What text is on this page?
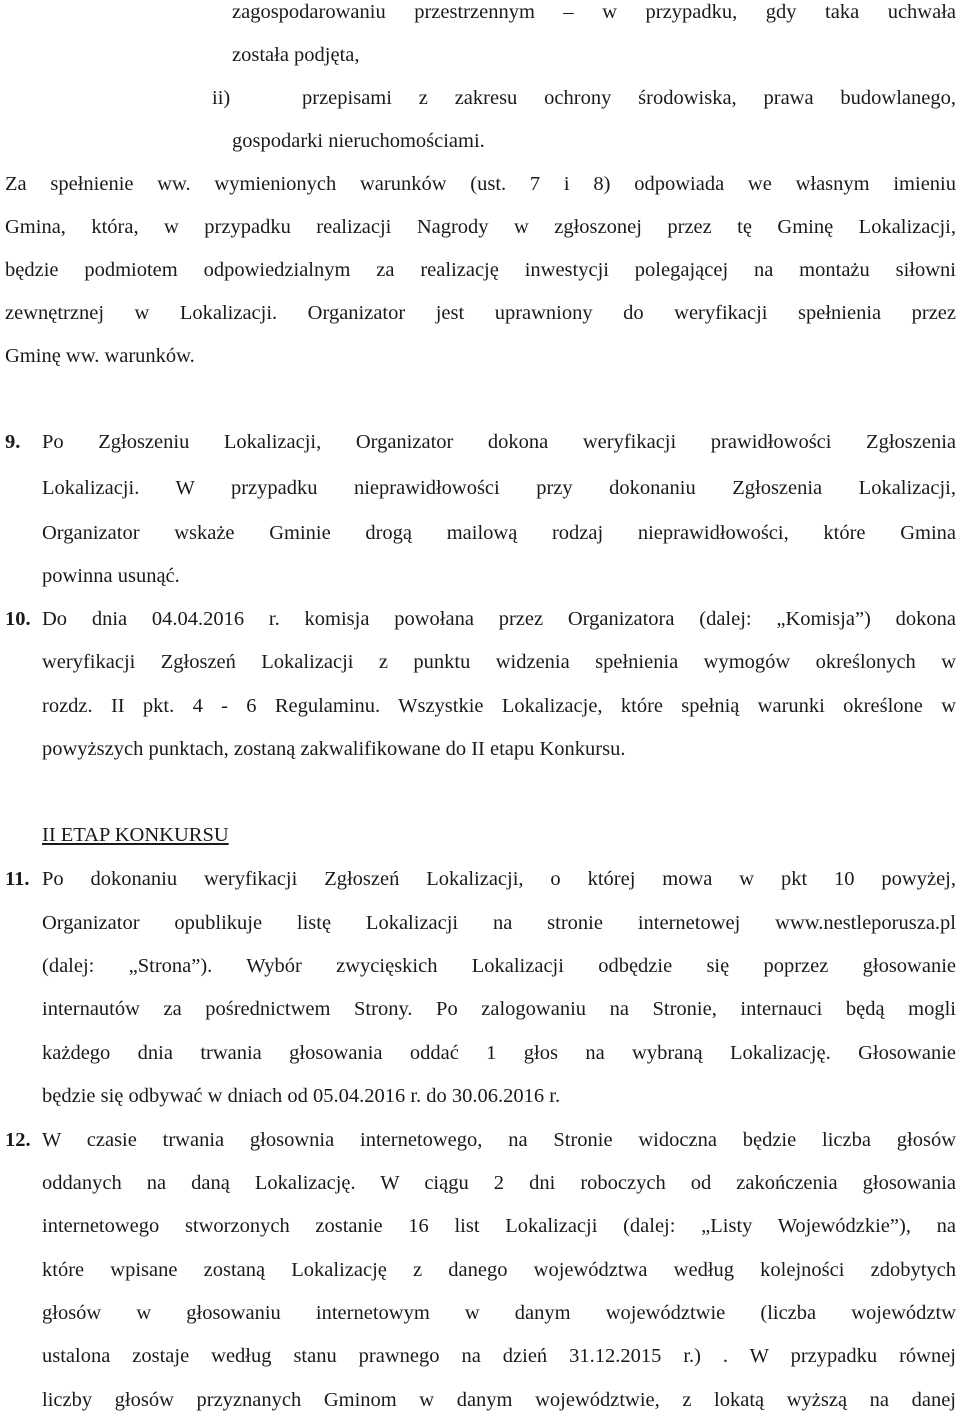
zagospodarowaniu przestrzennym – w przypadku, gdy taka uchwała
została podjęta,
ii)	przepisami z zakresu ochrony środowiska, prawa budowlanego,
gospodarki nieruchomościami.
Za spełnienie ww. wymienionych warunków (ust. 7 i 8) odpowiada we własnym imieniu
Gmina, która, w przypadku realizacji Nagrody w zgłoszonej przez tę Gminę Lokalizacji,
będzie podmiotem odpowiedzialnym za realizację inwestycji polegającej na montażu siłowni
zewnętrznej w Lokalizacji. Organizator jest uprawniony do weryfikacji spełnienia przez
Gminę ww. warunków.
9. Po Zgłoszeniu Lokalizacji, Organizator dokona weryfikacji prawidłowości Zgłoszenia
Lokalizacji. W przypadku nieprawidłowości przy dokonaniu Zgłoszenia Lokalizacji,
Organizator wskaże Gminie drogą mailową rodzaj nieprawidłowości, które Gmina
powinna usunąć.
10. Do dnia 04.04.2016 r. komisja powołana przez Organizatora (dalej: „Komisja”) dokona
weryfikacji Zgłoszeń Lokalizacji z punktu widzenia spełnienia wymogów określonych w
rozdz. II pkt. 4 - 6 Regulaminu. Wszystkie Lokalizacje, które spełnią warunki określone w
powyższych punktach, zostaną zakwalifikowane do II etapu Konkursu.
II ETAP KONKURSU
11. Po dokonaniu weryfikacji Zgłoszeń Lokalizacji, o której mowa w pkt 10 powyżej,
Organizator opublikuje listę Lokalizacji na stronie internetowej www.nestleporusza.pl
(dalej: „Strona”). Wybór zwycięskich Lokalizacji odbędzie się poprzez głosowanie
internautów za pośrednictwem Strony. Po zalogowaniu na Stronie, internauci będą mogli
każdego dnia trwania głosowania oddać 1 głos na wybraną Lokalizację. Głosowanie
będzie się odbywać w dniach od 05.04.2016 r. do 30.06.2016 r.
12. W czasie trwania głosownia internetowego, na Stronie widoczna będzie liczba głosów
oddanych na daną Lokalizację. W ciągu 2 dni roboczych od zakończenia głosowania
internetowego stworzonych zostanie 16 list Lokalizacji (dalej: „Listy Wojewódzkie”), na
które wpisane zostaną Lokalizację z danego województwa według kolejności zdobytych
głosów w głosowaniu internetowym w danym województwie (liczba województw
ustalona zostaje według stanu prawnego na dzień 31.12.2015 r.) . W przypadku równej
liczby głosów przyznanych Gminom w danym województwie, z lokatą wyższą na danej
